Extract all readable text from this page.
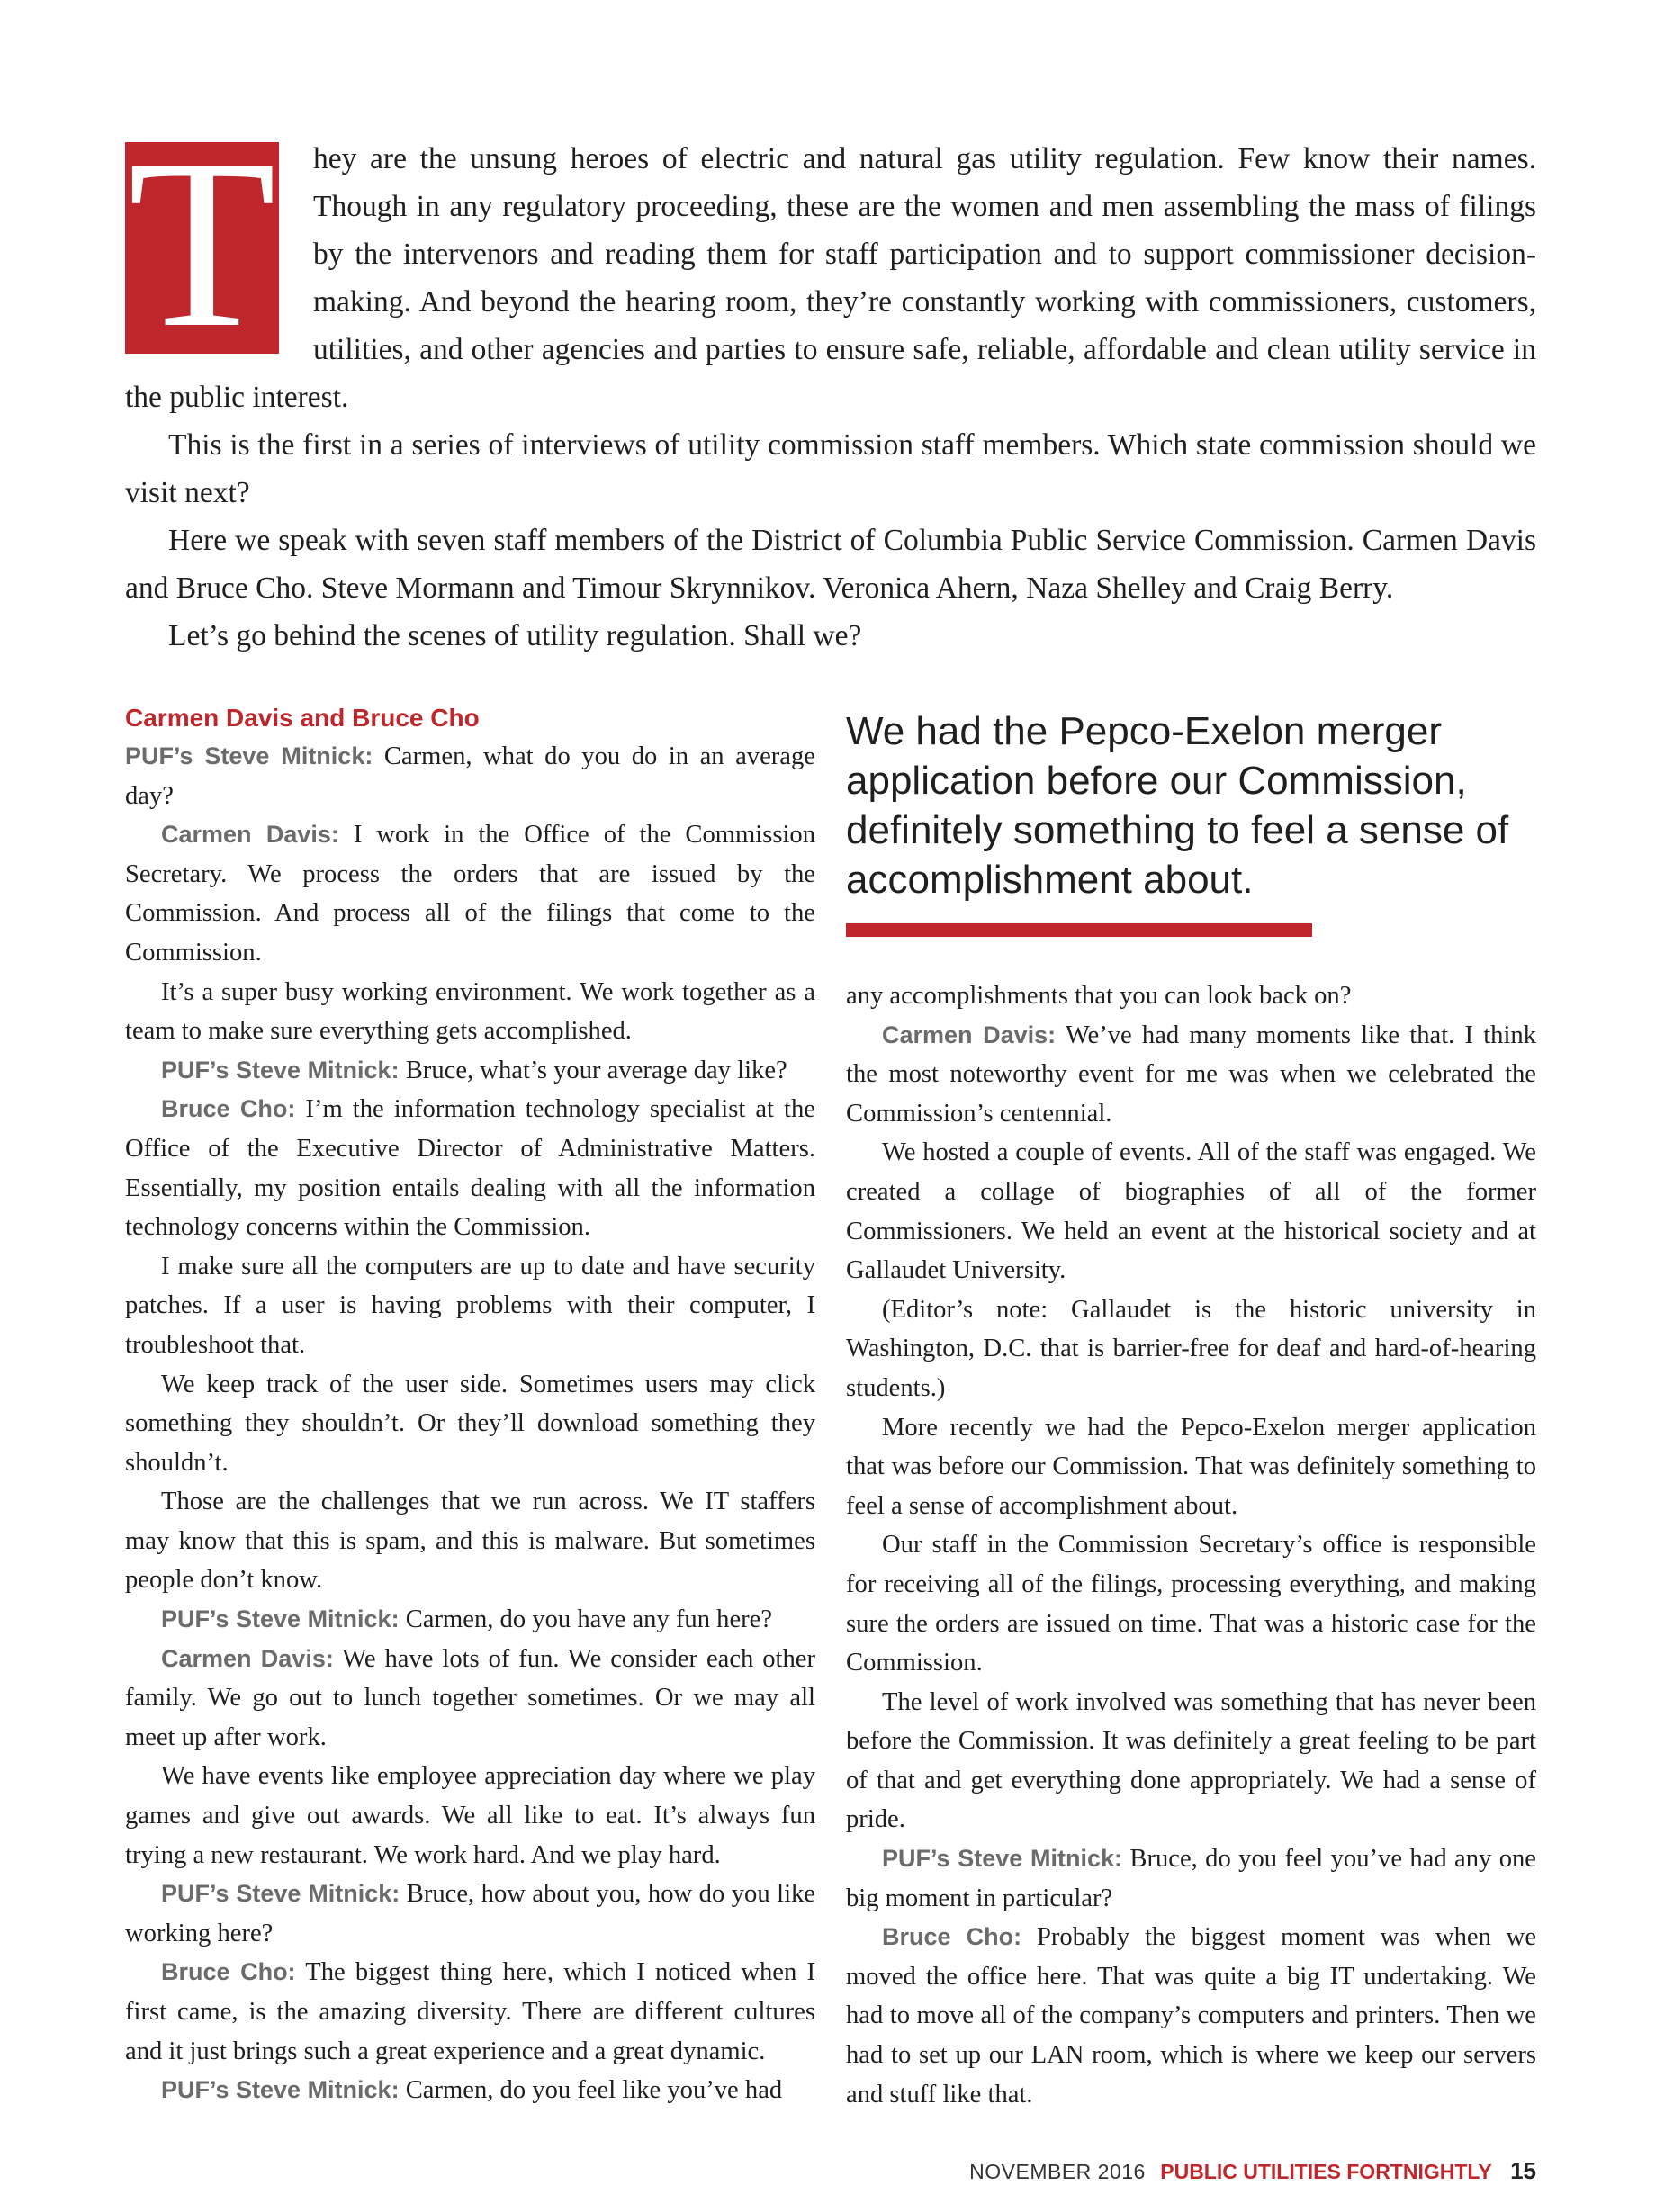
T	hey are the unsung heroes of electric and natural gas utility regulation. Few know their names. Though in any regulatory proceeding, these are the women and men assembling the mass of filings by the intervenors and reading them for staff participation and to support commissioner decision-making. And beyond the hearing room, they’re constantly working with commissioners, customers, utilities, and other agencies and parties to ensure safe, reliable, affordable and clean utility service in the public interest.

This is the first in a series of interviews of utility commission staff members. Which state commission should we visit next?

Here we speak with seven staff members of the District of Columbia Public Service Commission. Carmen Davis and Bruce Cho. Steve Mormann and Timour Skrynnikov. Veronica Ahern, Naza Shelley and Craig Berry.

Let’s go behind the scenes of utility regulation. Shall we?

Carmen Davis and Bruce Cho

PUF’s Steve Mitnick: Carmen, what do you do in an average day?

Carmen Davis: I work in the Office of the Commission Secretary. We process the orders that are issued by the Commission. And process all of the filings that come to the Commission.

It’s a super busy working environment. We work together as a team to make sure everything gets accomplished.

PUF’s Steve Mitnick: Bruce, what’s your average day like?

Bruce Cho: I’m the information technology specialist at the Office of the Executive Director of Administrative Matters. Essentially, my position entails dealing with all the information technology concerns within the Commission.

I make sure all the computers are up to date and have security patches. If a user is having problems with their computer, I troubleshoot that.

We keep track of the user side. Sometimes users may click something they shouldn’t. Or they’ll download something they shouldn’t.

Those are the challenges that we run across. We IT staffers may know that this is spam, and this is malware. But sometimes people don’t know.

PUF’s Steve Mitnick: Carmen, do you have any fun here?

Carmen Davis: We have lots of fun. We consider each other family. We go out to lunch together sometimes. Or we may all meet up after work.

We have events like employee appreciation day where we play games and give out awards. We all like to eat. It’s always fun trying a new restaurant. We work hard. And we play hard.

PUF’s Steve Mitnick: Bruce, how about you, how do you like working here?

Bruce Cho: The biggest thing here, which I noticed when I first came, is the amazing diversity. There are different cultures and it just brings such a great experience and a great dynamic.

PUF’s Steve Mitnick: Carmen, do you feel like you’ve had

We had the Pepco-Exelon merger application before our Commission, definitely something to feel a sense of accomplishment about.

any accomplishments that you can look back on?

Carmen Davis: We’ve had many moments like that. I think the most noteworthy event for me was when we celebrated the Commission’s centennial.

We hosted a couple of events. All of the staff was engaged. We created a collage of biographies of all of the former Commissioners. We held an event at the historical society and at Gallaudet University.

(Editor’s note: Gallaudet is the historic university in Washington, D.C. that is barrier-free for deaf and hard-of-hearing students.)

More recently we had the Pepco-Exelon merger application that was before our Commission. That was definitely something to feel a sense of accomplishment about.

Our staff in the Commission Secretary’s office is responsible for receiving all of the filings, processing everything, and making sure the orders are issued on time. That was a historic case for the Commission.

The level of work involved was something that has never been before the Commission. It was definitely a great feeling to be part of that and get everything done appropriately. We had a sense of pride.

PUF’s Steve Mitnick: Bruce, do you feel you’ve had any one big moment in particular?

Bruce Cho: Probably the biggest moment was when we moved the office here. That was quite a big IT undertaking. We had to move all of the company’s computers and printers. Then we had to set up our LAN room, which is where we keep our servers and stuff like that.

NOVEMBER 2016 PUBLIC UTILITIES FORTNIGHTLY 15
